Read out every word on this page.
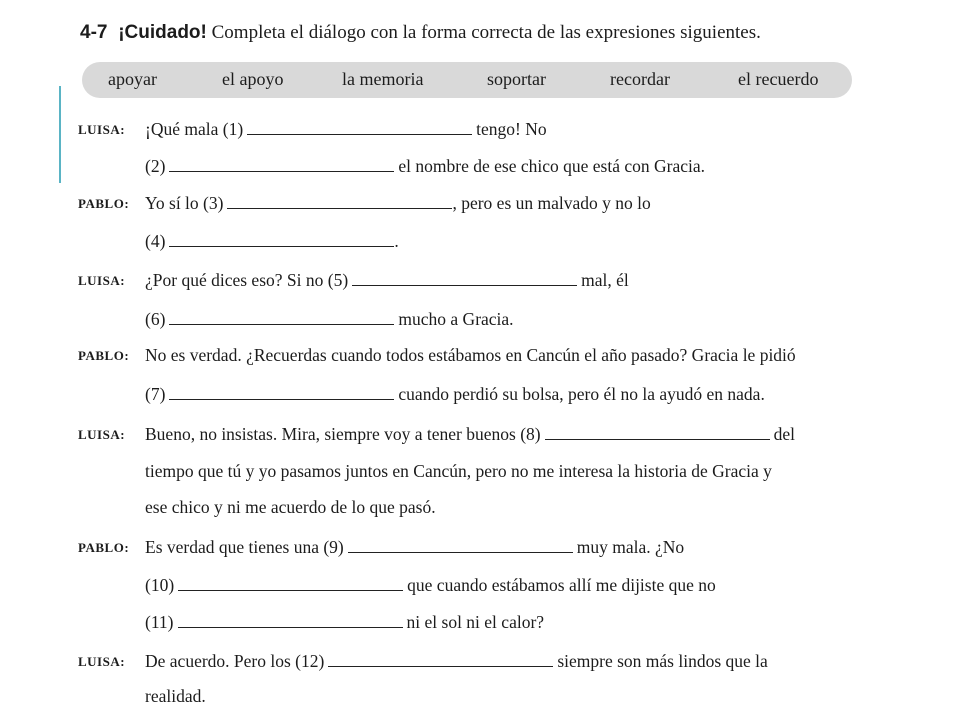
4-7 ¡Cuidado! Completa el diálogo con la forma correcta de las expresiones siguientes.
apoyar	el apoyo	la memoria	soportar	recordar	el recuerdo
LUISA: ¡Qué mala (1)	tengo! No
(2)	el nombre de ese chico que está con Gracia.
PABLO: Yo sí lo (3)	, pero es un malvado y no lo
(4)	.
LUISA: ¿Por qué dices eso? Si no (5)	mal, él
(6)	mucho a Gracia.
PABLO: No es verdad. ¿Recuerdas cuando todos estábamos en Cancún el año pasado? Gracia le pidió
(7)	cuando perdió su bolsa, pero él no la ayudó en nada.
LUISA: Bueno, no insistas. Mira, siempre voy a tener buenos (8)	del
tiempo que tú y yo pasamos juntos en Cancún, pero no me interesa la historia de Gracia y
ese chico y ni me acuerdo de lo que pasó.
PABLO: Es verdad que tienes una (9)	muy mala. ¿No
(10)	que cuando estábamos allí me dijiste que no
(11)	ni el sol ni el calor?
LUISA: De acuerdo. Pero los (12)	siempre son más lindos que la
realidad.
